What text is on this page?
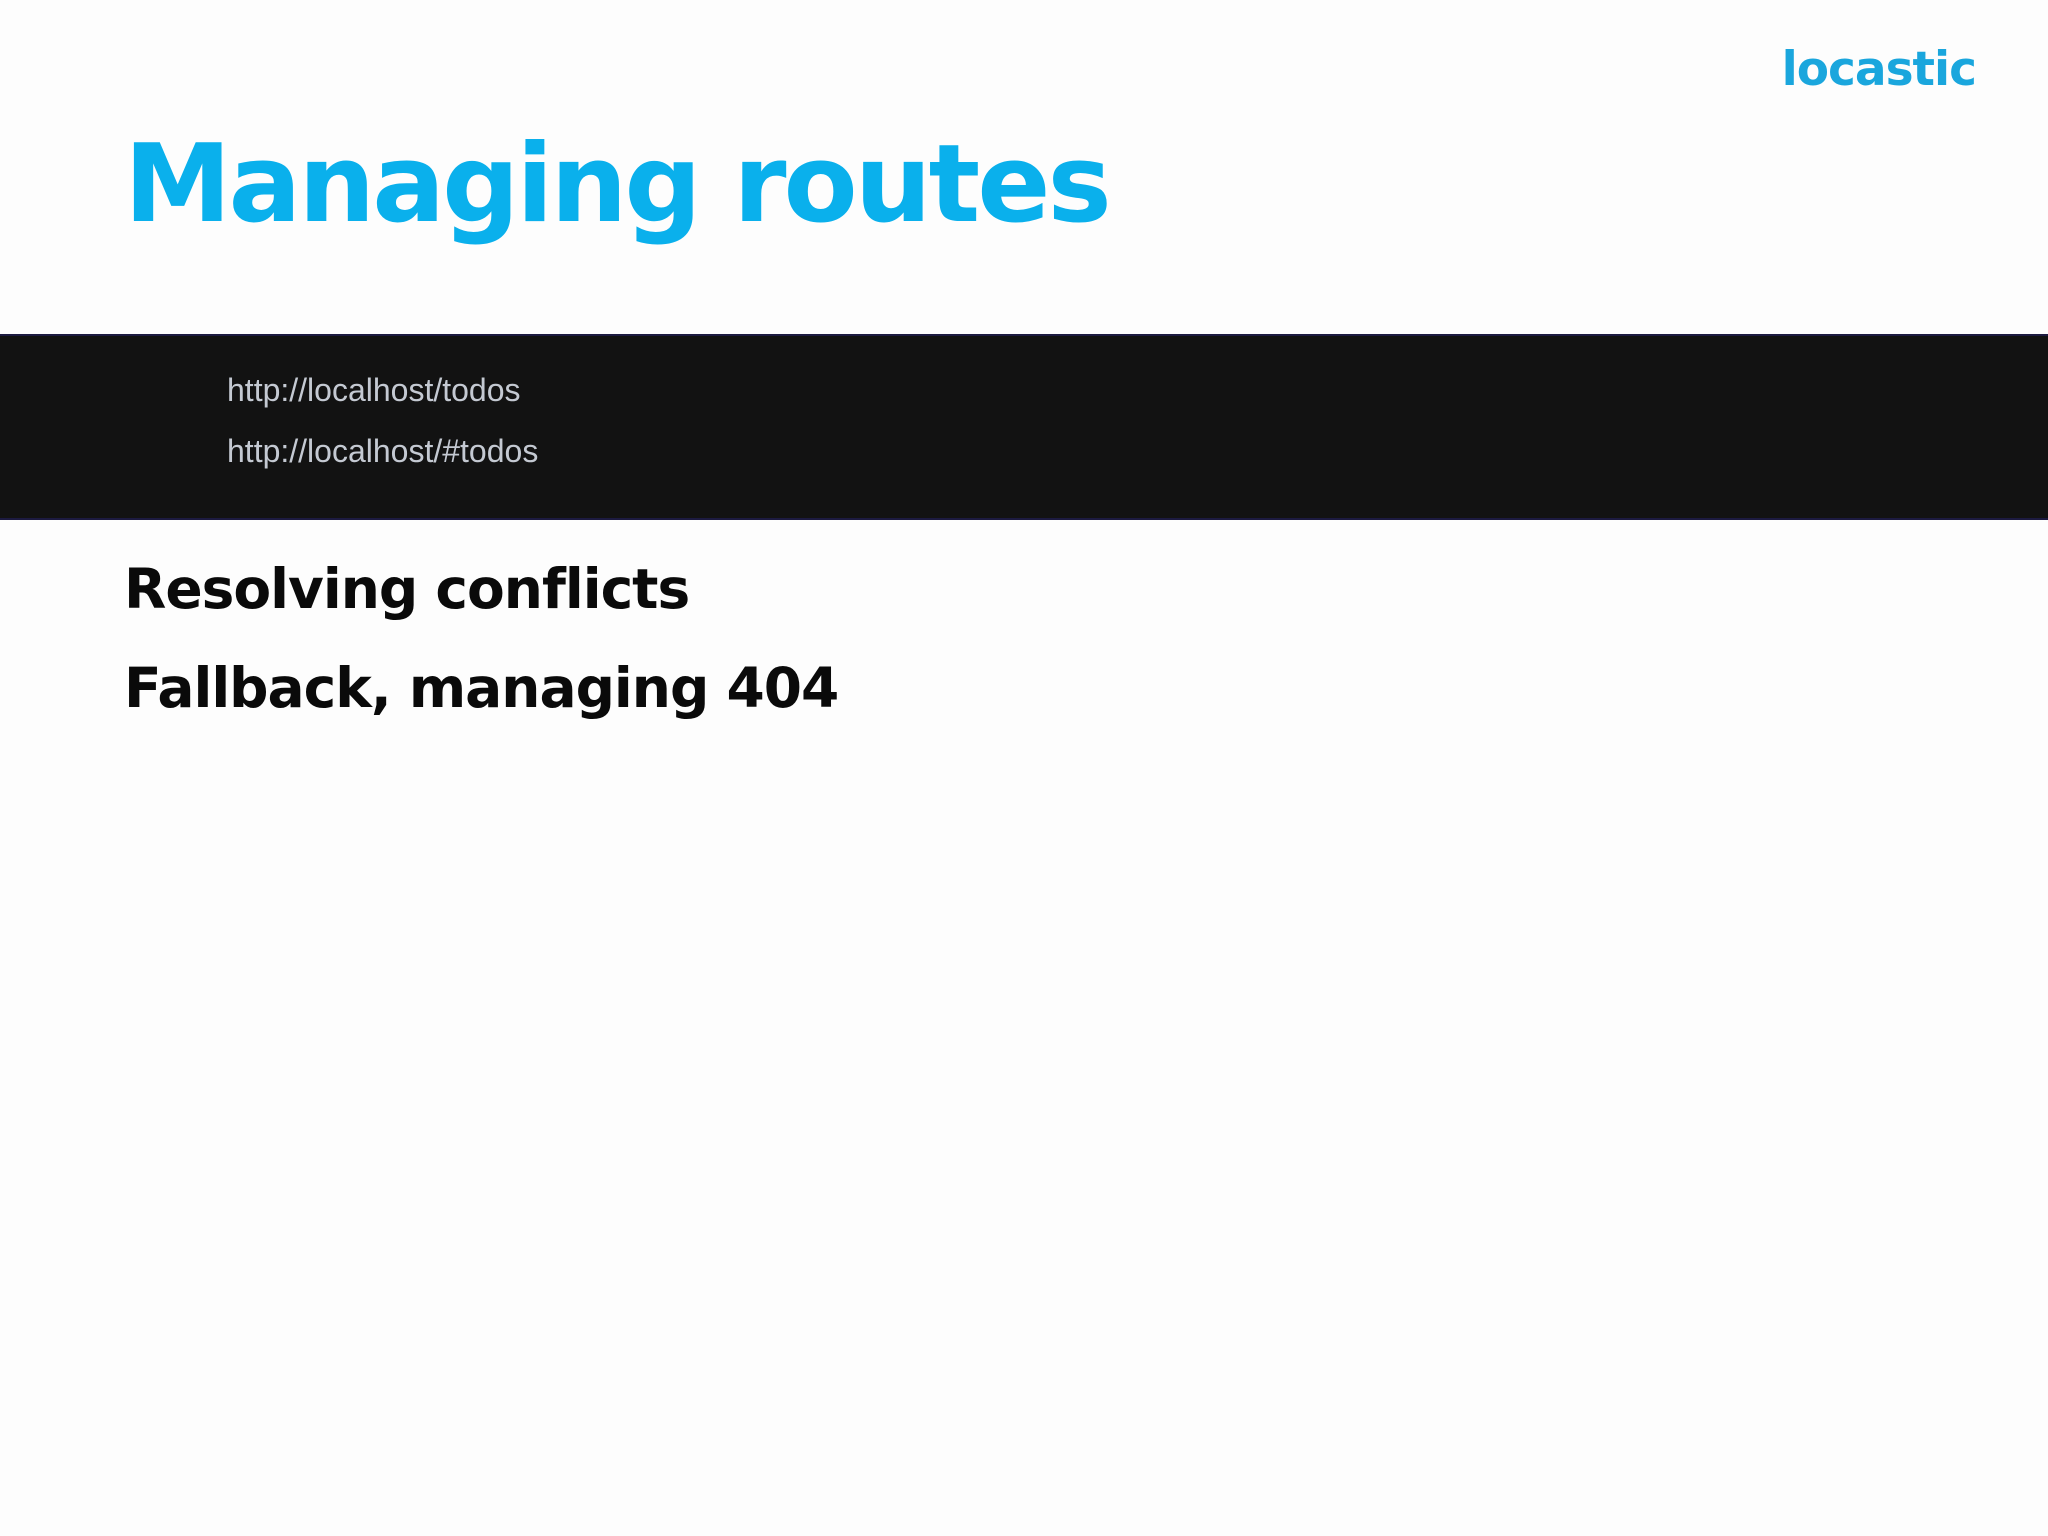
locastic
Managing routes
http://localhost/todos
http://localhost/#todos
Resolving conflicts
Fallback, managing 404
